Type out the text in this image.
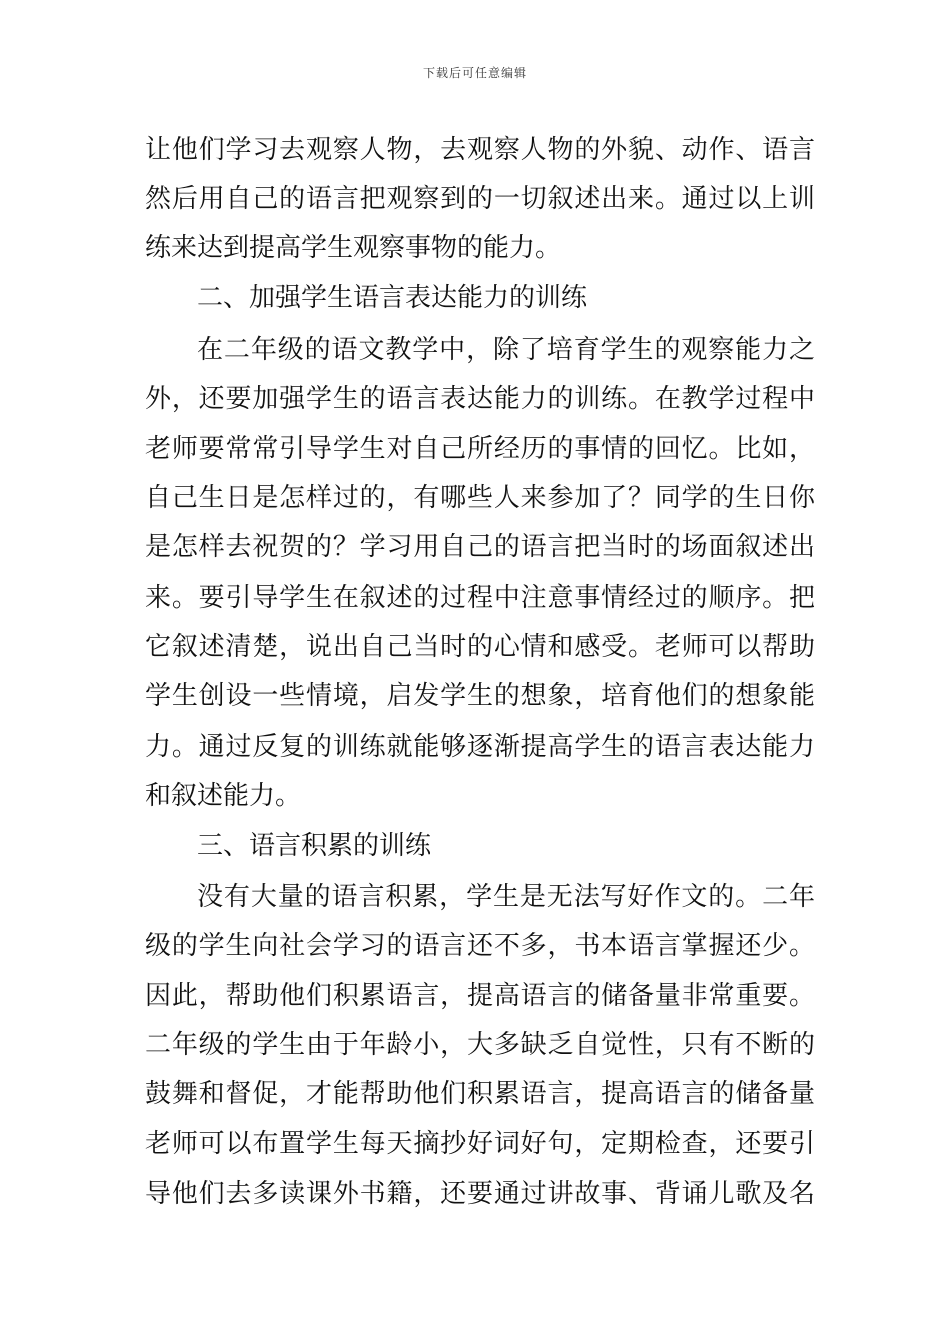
下载后可任意编辑
让他们学习去观察人物，去观察人物的外貌、动作、语言
然后用自己的语言把观察到的一切叙述出来。通过以上训
练来达到提高学生观察事物的能力。
二、加强学生语言表达能力的训练
在二年级的语文教学中，除了培育学生的观察能力之
外，还要加强学生的语言表达能力的训练。在教学过程中
老师要常常引导学生对自己所经历的事情的回忆。比如，
自己生日是怎样过的，有哪些人来参加了？同学的生日你
是怎样去祝贺的？学习用自己的语言把当时的场面叙述出
来。要引导学生在叙述的过程中注意事情经过的顺序。把
它叙述清楚，说出自己当时的心情和感受。老师可以帮助
学生创设一些情境，启发学生的想象，培育他们的想象能
力。通过反复的训练就能够逐渐提高学生的语言表达能力
和叙述能力。
三、语言积累的训练
没有大量的语言积累，学生是无法写好作文的。二年
级的学生向社会学习的语言还不多，书本语言掌握还少。
因此，帮助他们积累语言，提高语言的储备量非常重要。
二年级的学生由于年龄小，大多缺乏自觉性，只有不断的
鼓舞和督促，才能帮助他们积累语言，提高语言的储备量
老师可以布置学生每天摘抄好词好句，定期检查，还要引
导他们去多读课外书籍，还要通过讲故事、背诵儿歌及名
